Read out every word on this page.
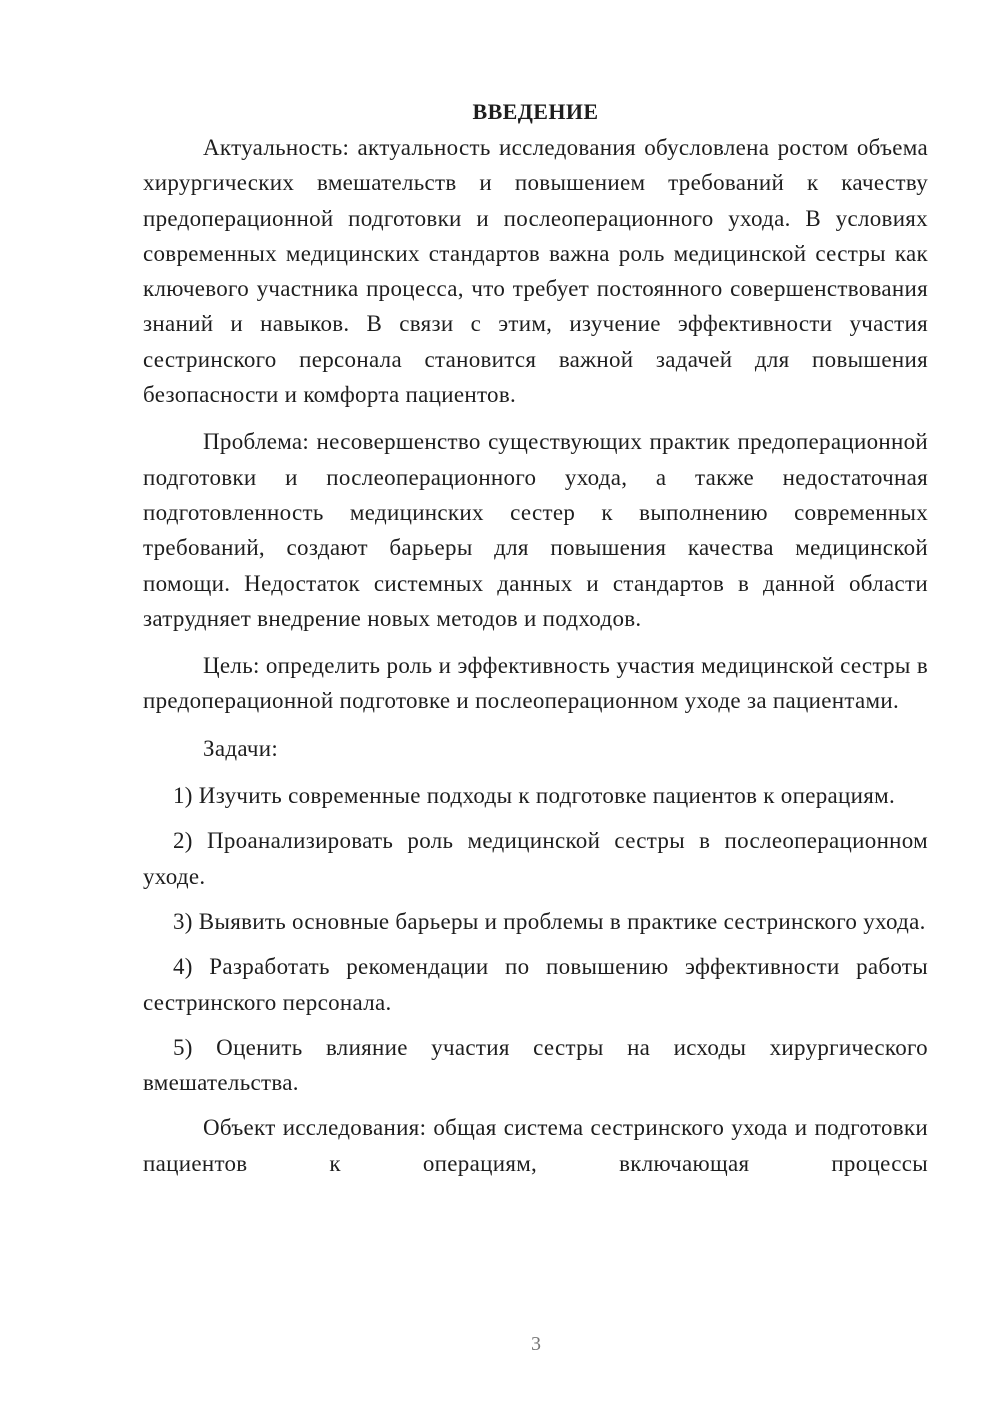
ВВЕДЕНИЕ

Актуальность: актуальность исследования обусловлена ростом объема хирургических вмешательств и повышением требований к качеству предоперационной подготовки и послеоперационного ухода. В условиях современных медицинских стандартов важна роль медицинской сестры как ключевого участника процесса, что требует постоянного совершенствования знаний и навыков. В связи с этим, изучение эффективности участия сестринского персонала становится важной задачей для повышения безопасности и комфорта пациентов.

Проблема: несовершенство существующих практик предоперационной подготовки и послеоперационного ухода, а также недостаточная подготовленность медицинских сестер к выполнению современных требований, создают барьеры для повышения качества медицинской помощи. Недостаток системных данных и стандартов в данной области затрудняет внедрение новых методов и подходов.

Цель: определить роль и эффективность участия медицинской сестры в предоперационной подготовке и послеоперационном уходе за пациентами.

Задачи:

1) Изучить современные подходы к подготовке пациентов к операциям.

2) Проанализировать роль медицинской сестры в послеоперационном уходе.

3) Выявить основные барьеры и проблемы в практике сестринского ухода.

4) Разработать рекомендации по повышению эффективности работы сестринского персонала.

5) Оценить влияние участия сестры на исходы хирургического вмешательства.

Объект исследования: общая система сестринского ухода и подготовки пациентов к операциям, включающая процессы

3
